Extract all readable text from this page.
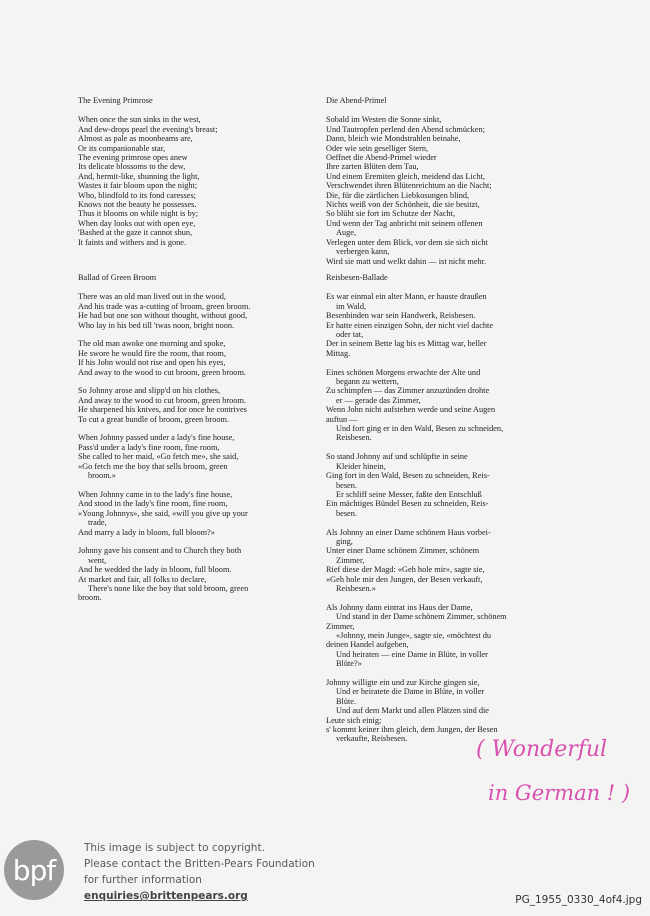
The Evening Primrose
When once the sun sinks in the west,
And dew-drops pearl the evening's breast;
Almost as pale as moonbeams are,
Or its companionable star,
The evening primrose opes anew
Its delicate blossoms to the dew,
And, hermit-like, shunning the light,
Wastes it fair bloom upon the night;
Who, blindfold to its fond caresses;
Knows not the beauty he possesses.
Thus it blooms on while night is by;
When day looks out with open eye,
'Bashed at the gaze it cannot shun,
It faints and withers and is gone.
Die Abend-Primel
Sobald im Westen die Sonne sinkt,
Und Tautropfen perlend den Abend schmücken;
Dann, bleich wie Mondstrahlen beinahe,
Oder wie sein geselliger Stern,
Oeffnet die Abend-Primel wieder
Ihre zarten Blüten dem Tau,
Und einem Eremiten gleich, meidend das Licht,
Verschwendet ihren Blütenreichtum an die Nacht;
Die, für die zärtlichen Liebkosungen blind,
Nichts weiß von der Schönheit, die sie besitzt,
So blüht sie fort im Schutze der Nacht,
Und wenn der Tag anbricht mit seinem offenen
Auge,
Verlegen unter dem Blick, vor dem sie sich nicht
verbergen kann,
Wird sie matt und welkt dahin — ist nicht mehr.
Ballad of Green Broom
There was an old man lived out in the wood,
And his trade was a-cutting of broom, green broom.
He had but one son without thought, without good,
Who lay in his bed till 'twas noon, bright noon.
The old man awoke one morning and spoke,
He swore he would fire the room, that room,
If his John would not rise and open his eyes,
And away to the wood to cut broom, green broom.
So Johnny arose and slipp'd on his clothes,
And away to the wood to cut broom, green broom.
He sharpened his knives, and for once he contrives
To cut a great bundle of broom, green broom.
When Johnny passed under a lady's fine house,
Pass'd under a lady's fine room, fine room,
She called to her maid, «Go fetch me», she said,
«Go fetch me the boy that sells broom, green
broom.»
When Johnny came in to the lady's fine house,
And stood in the lady's fine room, fine room,
«Young Johnnys», she said, «will you give up your
trade,
And marry a lady in bloom, full bloom?»
Johnny gave his consent and to Church they both
went,
And he wedded the lady in bloom, full bloom.
At market and fair, all folks to declare,
There's none like the boy that sold broom, green
broom.
Reisbesen-Ballade
Es war einmal ein alter Mann, er hauste draußen
im Wald,
Besenbinden war sein Handwerk, Reisbesen.
Er hatte einen einzigen Sohn, der nicht viel dachte
oder tat,
Der in seinem Bette lag bis es Mittag war, heller
Mittag.
Eines schönen Morgens erwachte der Alte und
begann zu wettern,
Zu schimpfen — das Zimmer anzuzünden drohte
er — gerade das Zimmer,
Wenn John nicht aufstehen werde und seine Augen
auftun —
Und fort ging er in den Wald, Besen zu schneiden,
Reisbesen.
So stand Johnny auf und schlüpfte in seine
Kleider hinein,
Ging fort in den Wald, Besen zu schneiden, Reis-
besen.
Er schliff seine Messer, faßte den Entschluß
Ein mächtiges Bündel Besen zu schneiden, Reis-
besen.
Als Johnny an einer Dame schönem Haus vorbei-
ging,
Unter einer Dame schönem Zimmer, schönem
Zimmer,
Rief diese der Magd: «Geh hole mir», sagte sie,
«Geh hole mir den Jungen, der Besen verkauft,
Reisbesen.»
Als Johnny dann eintrat ins Haus der Dame,
Und stand in der Dame schönem Zimmer, schönem
Zimmer,
«Johnny, mein Junge», sagte sie, «möchtest du
deinen Handel aufgeben,
Und heiraten — eine Dame in Blüte, in voller
Blüte?»
Johnny willigte ein und zur Kirche gingen sie,
Und er heiratete die Dame in Blüte, in voller
Blüte.
Und auf dem Markt und allen Plätzen sind die
Leute sich einig;
s' kommt keiner ihm gleich, dem Jungen, der Besen
verkaufte, Reisbesen.	( Wonderful
in German ! )
bpf
This image is subject to copyright.
Please contact the Britten-Pears Foundation
for further information
enquiries@brittenpears.org	PG_1955_0330_4of4.jpg
